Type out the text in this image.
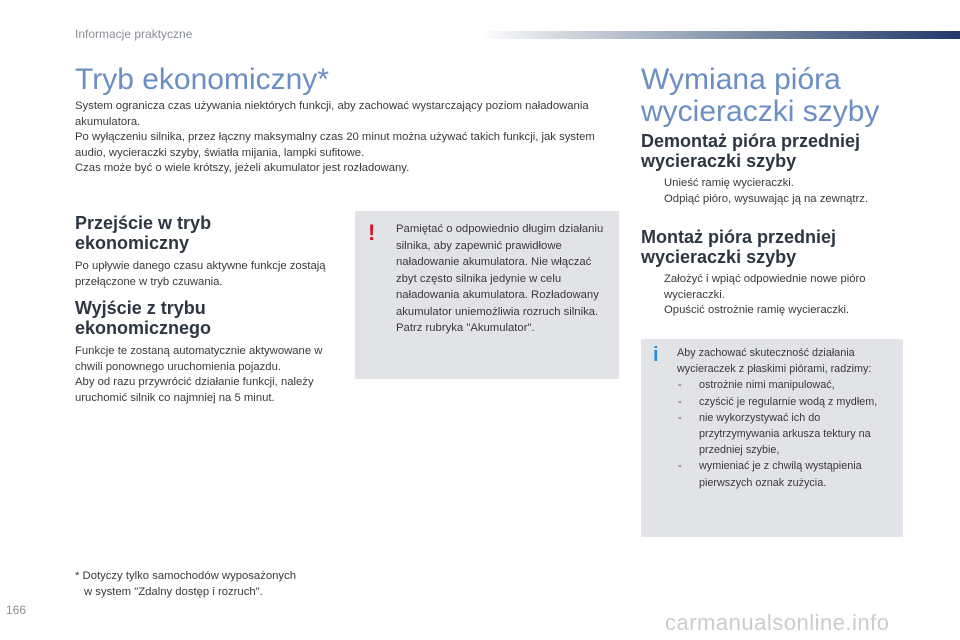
Informacje praktyczne
Tryb ekonomiczny*

System ogranicza czas używania niektórych funkcji, aby zachować wystarczający poziom naładowania akumulatora.

Po wyłączeniu silnika, przez łączny maksymalny czas 20 minut można używać takich funkcji, jak system audio, wycieraczki szyby, światła mijania, lampki sufitowe.

Czas może być o wiele krótszy, jeżeli akumulator jest rozładowany.

Przejście w tryb ekonomiczny
Po upływie danego czasu aktywne funkcje zostają przełączone w tryb czuwania.
Wyjście z trybu ekonomicznego

Funkcje te zostaną automatycznie aktywowane w chwili ponownego uruchomienia pojazdu.

Aby od razu przywrócić działanie funkcji, należy uruchomić silnik co najmniej na 5 minut.

! Pamiętać o odpowiednio długim działaniu silnika, aby zapewnić prawidłowe naładowanie akumulatora. Nie włączać zbyt często silnika jedynie w celu naładowania akumulatora. Rozładowany akumulator uniemożliwia rozruch silnika.
Patrz rubryka "Akumulator".
* Dotyczy tylko samochodów wyposażonych
w system "Zdalny dostęp i rozruch".
166
Wymiana pióra
wycieraczki szyby
Demontaż pióra przedniej wycieraczki szyby
Unieść ramię wycieraczki.
Odpiąć pióro, wysuwając ją na zewnątrz.
Montaż pióra przedniej wycieraczki szyby
Założyć i wpiąć odpowiednie nowe pióro wycieraczki.
Opuścić ostrożnie ramię wycieraczki.
i Aby zachować skuteczność działania wycieraczek z płaskimi piórami, radzimy:
- ostrożnie nimi manipulować,
- czyścić je regularnie wodą z mydłem,
- nie wykorzystywać ich do przytrzymywania arkusza tektury na przedniej szybie,
- wymieniać je z chwilą wystąpienia pierwszych oznak zużycia.
carmanualsonline.info
